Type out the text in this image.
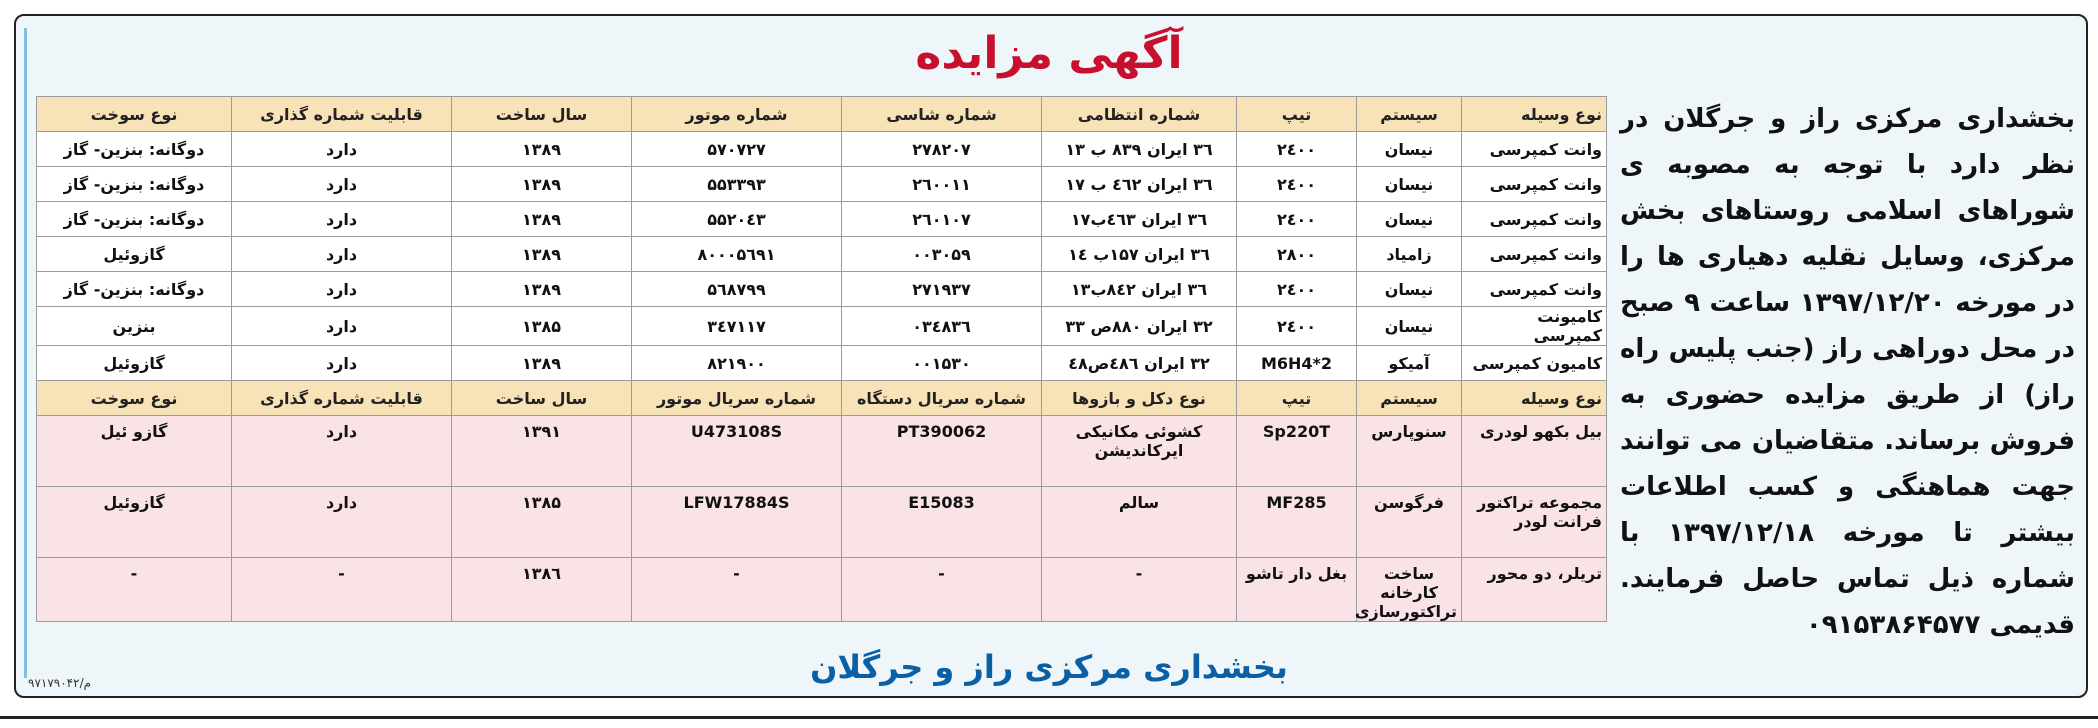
آگهی مزایده
بخشداری مرکزی راز و جرگلان در نظر دارد با توجه به مصوبه ی شوراهای اسلامی روستاهای بخش مرکزی، وسایل نقلیه دهیاری ها را در مورخه ۱۳۹۷/۱۲/۲۰ ساعت ۹ صبح در محل دوراهی راز (جنب پلیس راه راز) از طریق مزایده حضوری به فروش برساند. متقاضیان می توانند جهت هماهنگی و کسب اطلاعات بیشتر تا مورخه ۱۳۹۷/۱۲/۱۸ با شماره ذیل تماس حاصل فرمایند. قدیمی ۰۹۱۵۳۸۶۴۵۷۷
نوع وسیله	سیستم	تیپ	شماره انتظامی	شماره شاسی	شماره موتور	سال ساخت	قابلیت شماره گذاری	نوع سوخت
وانت کمپرسی	نیسان	۲٤۰۰	۳٦ ایران ۸۳۹ ب ۱۳	۲۷۸۲۰۷	۵۷۰۷۲۷	۱۳۸۹	دارد	دوگانه: بنزین- گاز
وانت کمپرسی	نیسان	۲٤۰۰	۳٦ ایران ٤٦۲ ب ۱۷	۲٦۰۰۱۱	۵۵۳۳۹۳	۱۳۸۹	دارد	دوگانه: بنزین- گاز
وانت کمپرسی	نیسان	۲٤۰۰	۳٦ ایران ٤٦۳ب۱۷	۲٦۰۱۰۷	۵۵۲۰٤۳	۱۳۸۹	دارد	دوگانه: بنزین- گاز
وانت کمپرسی	زامیاد	۲۸۰۰	۳٦ ایران ۱۵۷ب ۱٤	۰۰۳۰۵۹	۸۰۰۰۵٦۹۱	۱۳۸۹	دارد	گازوئیل
وانت کمپرسی	نیسان	۲٤۰۰	۳٦ ایران ۸٤۲ب۱۳	۲۷۱۹۳۷	۵٦۸۷۹۹	۱۳۸۹	دارد	دوگانه: بنزین- گاز
کامیونت کمپرسی	نیسان	۲٤۰۰	۳۲ ایران ۸۸۰ص ۳۳	۰۳٤۸۳٦	۳٤۷۱۱۷	۱۳۸۵	دارد	بنزین
کامیون کمپرسی	آمیکو	M6H4*2	۳۲ ایران ٤۸٦ص٤۸	۰۰۱۵۳۰	۸۲۱۹۰۰	۱۳۸۹	دارد	گازوئیل
نوع وسیله	سیستم	تیپ	نوع دکل و بازوها	شماره سریال دستگاه	شماره سریال موتور	سال ساخت	قابلیت شماره گذاری	نوع سوخت
بیل بکهو لودری	سنوپارس	Sp220T	کشوئی مکانیکی ایرکاندیشن	PT390062	U473108S	۱۳۹۱	دارد	گازو ئیل
مجموعه تراکتور فرانت لودر	فرگوسن	MF285	سالم	E15083	LFW17884S	۱۳۸۵	دارد	گازوئیل
تریلر، دو محور	ساخت کارخانه تراکتورسازی	بغل دار تاشو	-	-	-	۱۳۸٦	-	-
بخشداری مرکزی راز و جرگلان
م/۹۷۱۷۹۰۴۲
